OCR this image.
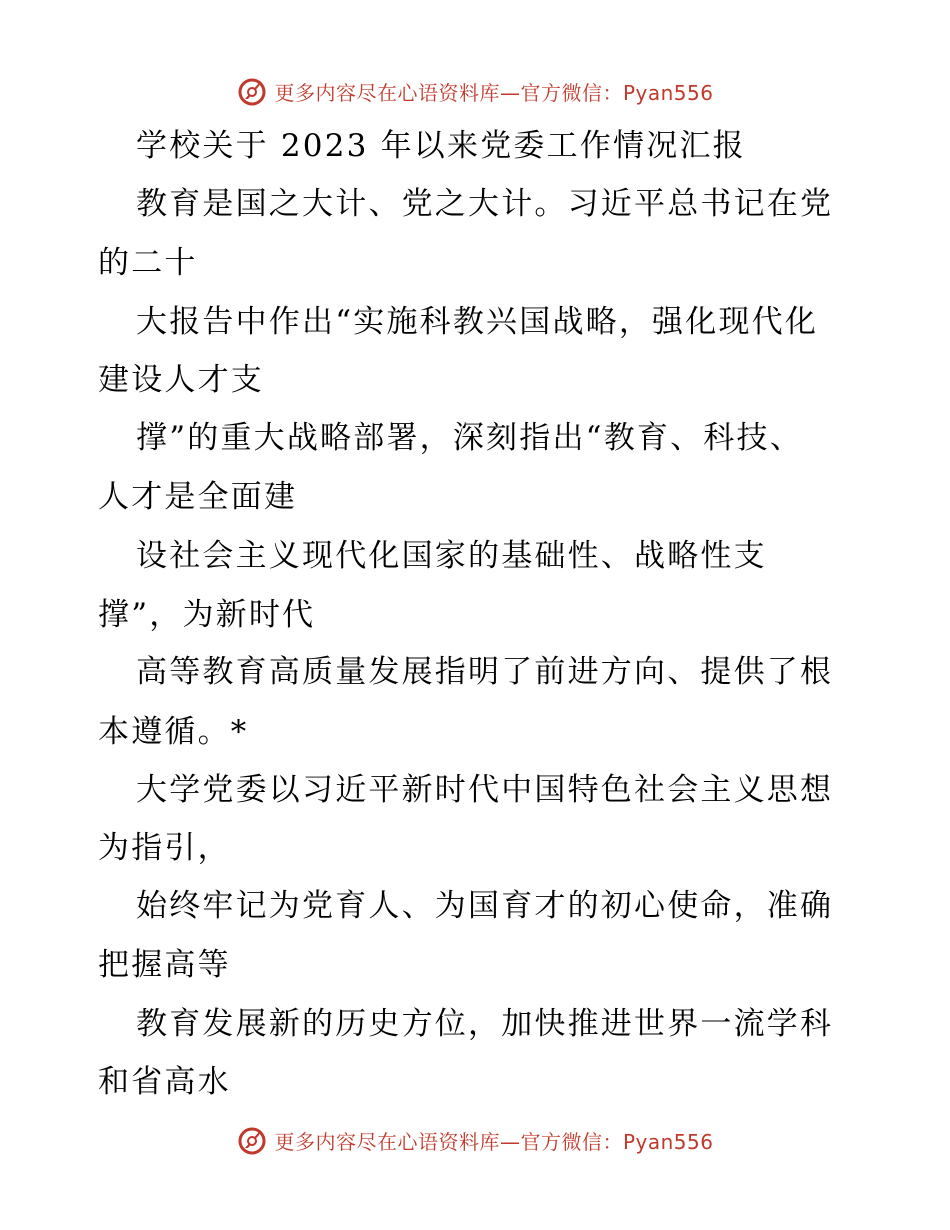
更多内容尽在心语资料库—官方微信：Pyan556
学校关于 2023 年以来党委工作情况汇报
教育是国之大计、党之大计。习近平总书记在党
的二十
大报告中作出“实施科教兴国战略，强化现代化
建设人才支
撑”的重大战略部署，深刻指出“教育、科技、
人才是全面建
设社会主义现代化国家的基础性、战略性支
撑”，为新时代
高等教育高质量发展指明了前进方向、提供了根
本遵循。*
大学党委以习近平新时代中国特色社会主义思想
为指引，
始终牢记为党育人、为国育才的初心使命，准确
把握高等
教育发展新的历史方位，加快推进世界一流学科
和省高水
更多内容尽在心语资料库—官方微信：Pyan556
